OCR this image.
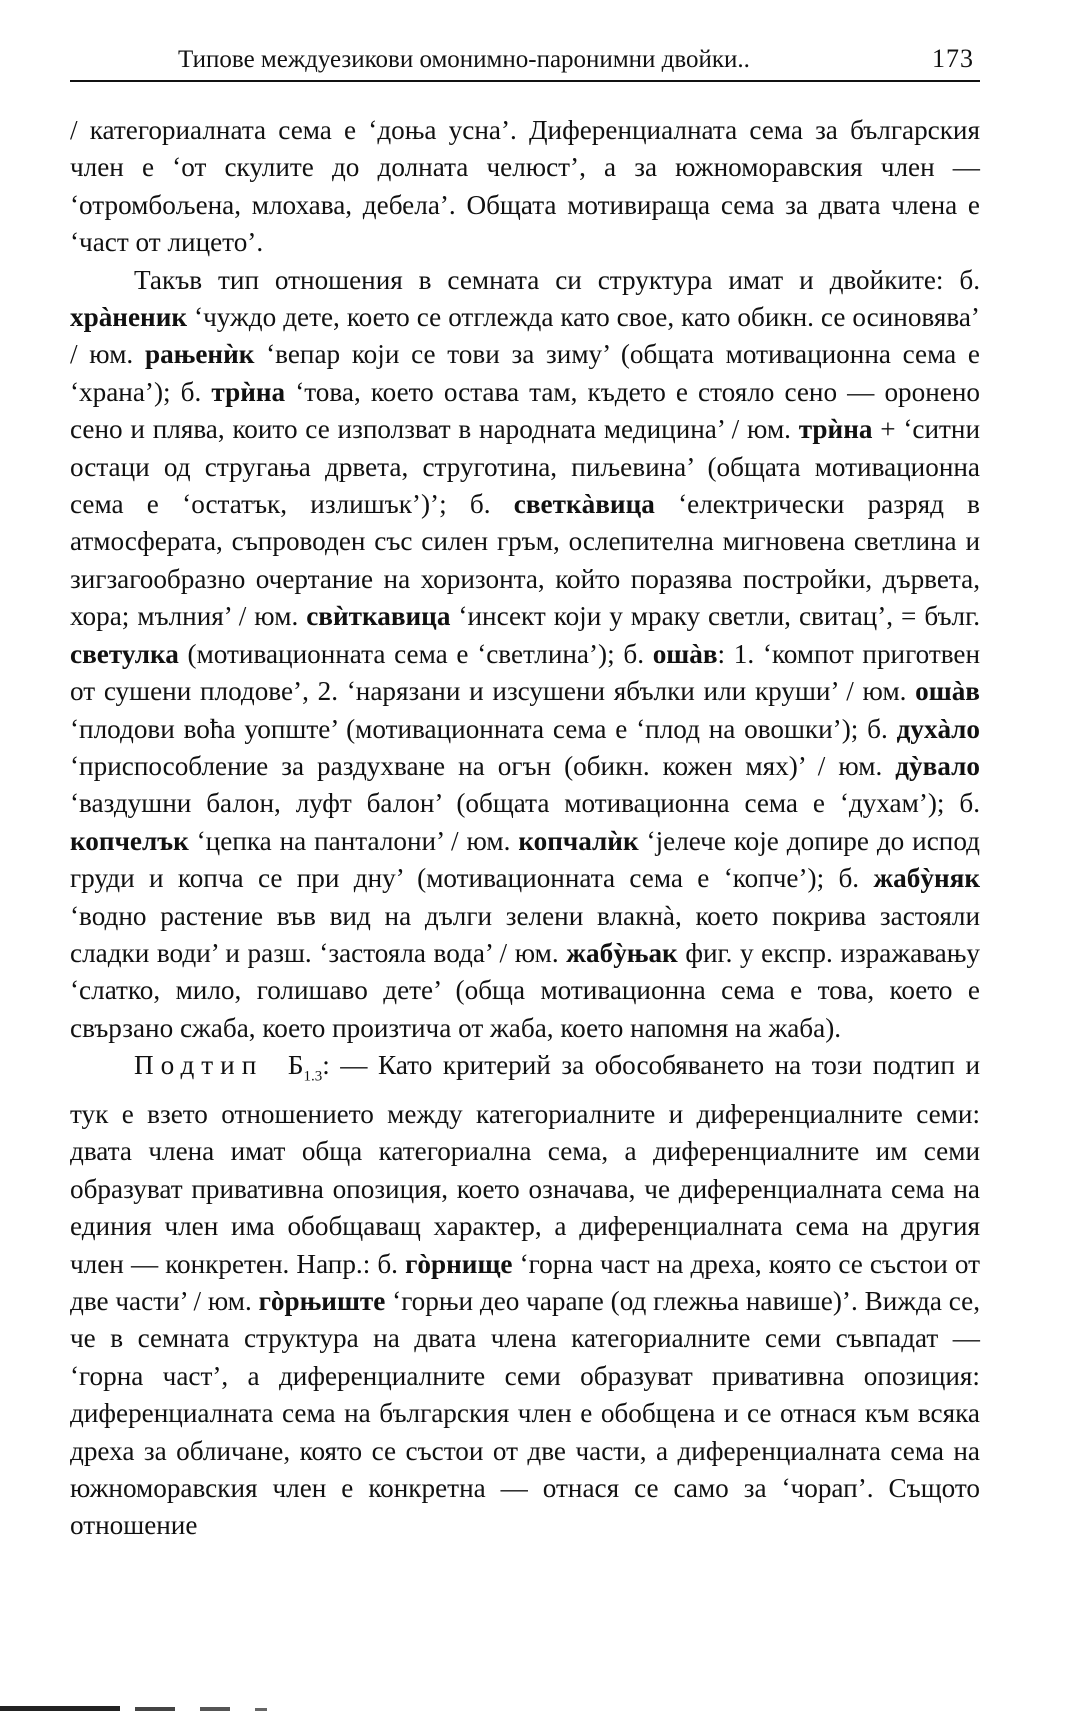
Типове междуезикови омонимно-паронимни двойки..	173

/ категориалната сема е ‘доња усна’. Диференциалната сема за българския член е ‘от скулите до долната челюст’, а за южноморавския член — ‘отромбољена, млохава, дебела’. Общата мотивираща сема за двата члена е ‘част от лицето’.

Такъв тип отношения в семната си структура имат и двойките: б. хрàненик ‘чуждо дете, което се отглежда като свое, като обикн. се осиновява’ / юм. рањенѝк ‘вепар који се тови за зиму’ (общата мотивационна сема е ‘храна’); б. трѝна ‘това, което остава там, където е стояло сено — оронено сено и плява, които се използват в народната медицина’ / юм. трѝна + ‘ситни остаци од стругања дрвета, струготина, пиљевина’ (общата мотивационна сема е ‘остатък, излишък’)’; б. светкàвица ‘електрически разряд в атмосферата, съпроводен със силен гръм, ослепителна мигновена светлина и зигзагообразно очертание на хоризонта, който поразява постройки, дървета, хора; мълния’ / юм. свѝткавица ‘инсект који у мраку светли, свитац’, = бълг. светулка (мотивационната сема е ‘светлина’); б. ошàв: 1. ‘компот приготвен от сушени плодове’, 2. ‘нарязани и изсушени ябълки или круши’ / юм. ошàв ‘плодови воћа уопште’ (мотивационната сема е ‘плод на овошки’); б. духàло ‘приспособление за раздухване на огън (обикн. кожен мях)’ / юм. дỳвало ‘ваздушни балон, луфт балон’ (общата мотивационна сема е ‘духам’); б. копчелък ‘цепка на панталони’ / юм. копчалѝк ‘јелече које допире до испод груди и копча се при дну’ (мотивационната сема е ‘копче’); б. жабỳняк ‘водно растение във вид на дълги зелени влакнà, което покрива застояли сладки води’ и разш. ‘застояла вода’ / юм. жабỳњак фиг. у експр. изражавању ‘слатко, мило, голишаво дете’ (обща мотивационна сема е това, което е свързано сжаба, което произтича от жаба, което напомня на жаба).

Подтип $Б_{1.3}$: — Като критерий за обособяването на този подтип и тук е взето отношението между категориалните и диференциалните семи: двата члена имат обща категориална сема, а диференциалните им семи образуват привативна опозиция, което означава, че диференциалната сема на единия член има обобщаващ характер, а диференциалната сема на другия член — конкретен. Напр.: б. гòрнище ‘горна част на дреха, която се състои от две части’ / юм. гòрњиште ‘горњи део чарапе (од глежња навише)’. Вижда се, че в семната структура на двата члена категориалните семи съвпадат — ‘горна част’, а диференциалните семи образуват привативна опозиция: диференциалната сема на българския член е обобщена и се отнася към всяка дреха за обличане, която се състои от две части, а диференциалната сема на южноморавския член е конкретна — отнася се само за ‘чорап’. Същото отношение
